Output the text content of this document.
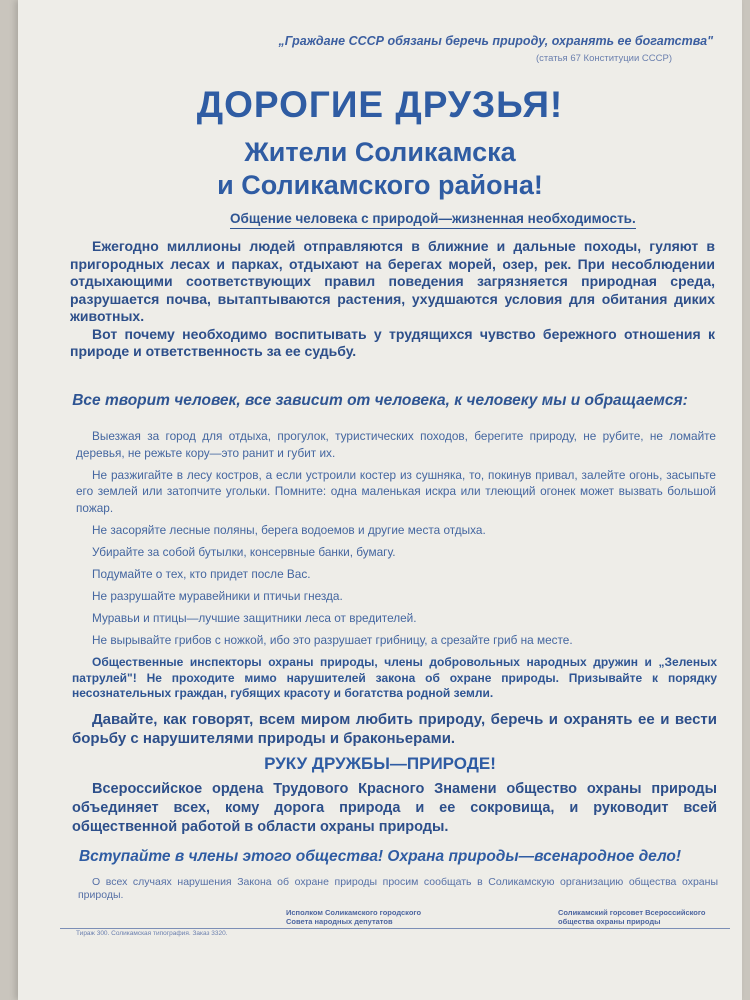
„Граждане СССР обязаны беречь природу, охранять ее богатства"

(статья 67 Конституции СССР)

ДОРОГИЕ ДРУЗЬЯ!
Жители Соликамска
и Соликамского района!
Общение человека с природой—жизненная необходимость.
Ежегодно миллионы людей отправляются в ближние и дальные походы, гуляют в пригородных лесах и парках, отдыхают на берегах морей, озер, рек. При несоблюдении отдыхающими соответствующих правил поведения загрязняется природная среда, разрушается почва, вытаптываются растения, ухудшаются условия для обитания диких животных.
Вот почему необходимо воспитывать у трудящихся чувство бережного отношения к природе и ответственность за ее судьбу.
Все творит человек, все зависит от человека, к человеку мы и обращаемся:
Выезжая за город для отдыха, прогулок, туристических походов, берегите природу, не рубите, не ломайте деревья, не режьте кору—это ранит и губит их.
Не разжигайте в лесу костров, а если устроили костер из сушняка, то, покинув привал, залейте огонь, засыпьте его землей или затопчите угольки. Помните: одна маленькая искра или тлеющий огонек может вызвать большой пожар.
Не засоряйте лесные поляны, берега водоемов и другие места отдыха.
Убирайте за собой бутылки, консервные банки, бумагу.
Подумайте о тех, кто придет после Вас.
Не разрушайте муравейники и птичьи гнезда.
Муравьи и птицы—лучшие защитники леса от вредителей.
Не вырывайте грибов с ножкой, ибо это разрушает грибницу, а срезайте гриб на месте.
Общественные инспекторы охраны природы, члены добровольных народных дружин и „Зеленых патрулей"! Не проходите мимо нарушителей закона об охране природы. Призывайте к порядку несознательных граждан, губящих красоту и богатства родной земли.
Давайте, как говорят, всем миром любить природу, беречь и охранять ее и вести борьбу с нарушителями природы и браконьерами.
РУКУ ДРУЖБЫ—ПРИРОДЕ!
Всероссийское ордена Трудового Красного Знамени общество охраны природы объединяет всех, кому дорога природа и ее сокровища, и руководит всей общественной работой в области охраны природы.
Вступайте в члены этого общества! Охрана природы—всенародное дело!
О всех случаях нарушения Закона об охране природы просим сообщать в Соликамскую организацию общества охраны природы.
Исполком Соликамского городского Совета народных депутатов
Соликамский горсовет Всероссийского общества охраны природы
Тираж 300. Соликамская типография. Заказ 3320.
